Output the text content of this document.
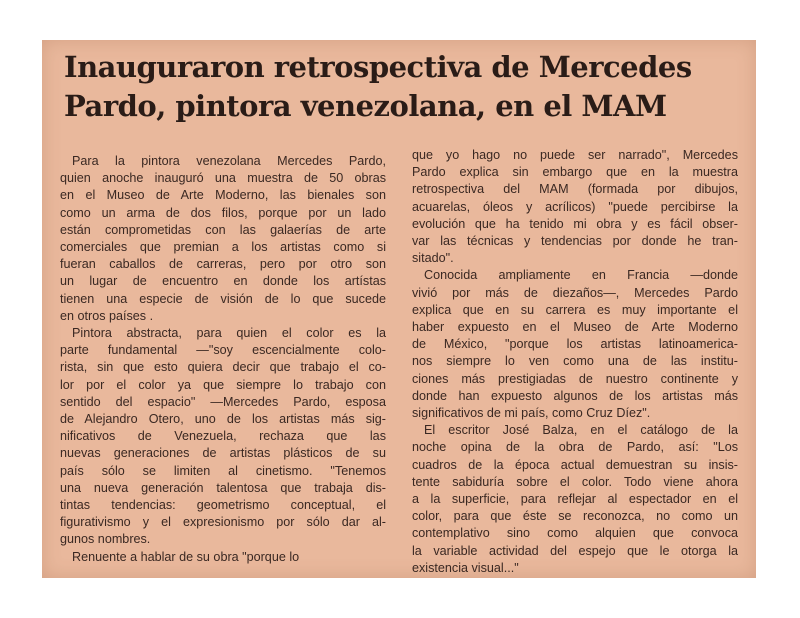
Inauguraron retrospectiva de Mercedes
Pardo, pintora venezolana, en el MAM

Para la pintora venezolana Mercedes Pardo,
quien anoche inauguró una muestra de 50 obras
en el Museo de Arte Moderno, las bienales son
como un arma de dos filos, porque por un lado
están comprometidas con las galaerías de arte
comerciales que premian a los artistas como si
fueran caballos de carreras, pero por otro son
un lugar de encuentro en donde los artístas
tienen una especie de visión de lo que sucede
en otros países .

Pintora abstracta, para quien el color es la
parte fundamental —"soy escencialmente colo-
rista, sin que esto quiera decir que trabajo el co-
lor por el color ya que siempre lo trabajo con
sentido del espacio" —Mercedes Pardo, esposa
de Alejandro Otero, uno de los artistas más sig-
nificativos de Venezuela, rechaza que las
nuevas generaciones de artistas plásticos de su
país sólo se limiten al cinetismo. "Tenemos
una nueva generación talentosa que trabaja dis-
tintas tendencias: geometrismo conceptual, el
figurativismo y el expresionismo por sólo dar al-
gunos nombres.

Renuente a hablar de su obra "porque lo

que yo hago no puede ser narrado", Mercedes
Pardo explica sin embargo que en la muestra
retrospectiva del MAM (formada por dibujos,
acuarelas, óleos y acrílicos) "puede percibirse la
evolución que ha tenido mi obra y es fácil obser-
var las técnicas y tendencias por donde he tran-
sitado".

Conocida ampliamente en Francia —donde
vivió por más de diezaños—, Mercedes Pardo
explica que en su carrera es muy importante el
haber expuesto en el Museo de Arte Moderno
de México, "porque los artistas latinoamerica-
nos siempre lo ven como una de las institu-
ciones más prestigiadas de nuestro continente y
donde han expuesto algunos de los artistas más
significativos de mi país, como Cruz Díez".

El escritor José Balza, en el catálogo de la
noche opina de la obra de Pardo, así: "Los
cuadros de la época actual demuestran su insis-
tente sabiduría sobre el color. Todo viene ahora
a la superficie, para reflejar al espectador en el
color, para que éste se reconozca, no como un
contemplativo sino como alquien que convoca
la variable actividad del espejo que le otorga la
existencia visual..."
